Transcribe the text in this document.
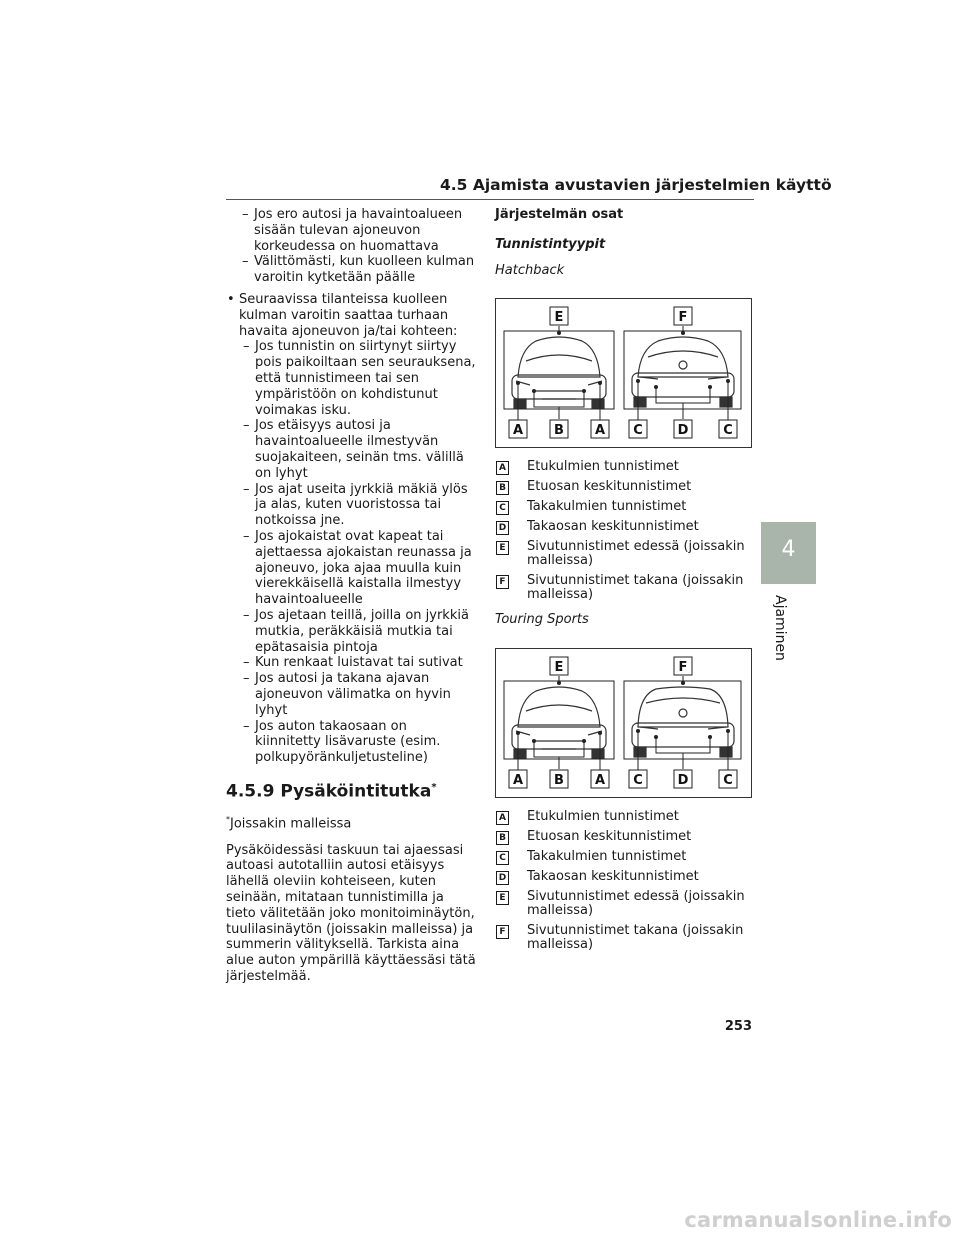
4.5 Ajamista avustavien järjestelmien käyttö
4
Ajaminen
– Jos ero autosi ja havaintoalueen sisään tulevan ajoneuvon korkeudessa on huomattava
– Välittömästi, kun kuolleen kulman varoitin kytketään päälle
• Seuraavissa tilanteissa kuolleen kulman varoitin saattaa turhaan havaita ajoneuvon ja/tai kohteen:
– Jos tunnistin on siirtynyt siirtyy pois paikoiltaan sen seurauksena, että tunnistimeen tai sen ympäristöön on kohdistunut voimakas isku.
– Jos etäisyys autosi ja havaintoalueelle ilmestyvän suojakaiteen, seinän tms. välillä on lyhyt
– Jos ajat useita jyrkkiä mäkiä ylös ja alas, kuten vuoristossa tai notkoissa jne.
– Jos ajokaistat ovat kapeat tai ajettaessa ajokaistan reunassa ja ajoneuvo, joka ajaa muulla kuin vierekkäisellä kaistalla ilmestyy havaintoalueelle
– Jos ajetaan teillä, joilla on jyrkkiä mutkia, peräkkäisiä mutkia tai epätasaisia pintoja
– Kun renkaat luistavat tai sutivat
– Jos autosi ja takana ajavan ajoneuvon välimatka on hyvin lyhyt
– Jos auton takaosaan on kiinnitetty lisävaruste (esim. polkupyöränkuljetusteline)
4.5.9 Pysäköintitutka*
*Joissakin malleissa
Pysäköidessäsi taskuun tai ajaessasi autoasi autotalliin autosi etäisyys lähellä oleviin kohteiseen, kuten seinään, mitataan tunnistimilla ja tieto välitetään joko monitoiminäytön, tuulilasinäytön (joissakin malleissa) ja summerin välityksellä. Tarkista aina alue auton ympärillä käyttäessäsi tätä järjestelmää.
Järjestelmän osat
Tunnistintyypit
Hatchback
E	F
A B A C	D	C
A Etukulmien tunnistimet
B Etuosan keskitunnistimet
C Takakulmien tunnistimet
D Takaosan keskitunnistimet
E Sivutunnistimet edessä (joissakin malleissa)
F Sivutunnistimet takana (joissakin malleissa)
Touring Sports
E	F
A B A C	D	C
A Etukulmien tunnistimet
B Etuosan keskitunnistimet
C Takakulmien tunnistimet
D Takaosan keskitunnistimet
E Sivutunnistimet edessä (joissakin malleissa)
F Sivutunnistimet takana (joissakin malleissa)
253
carmanualsonline.info
